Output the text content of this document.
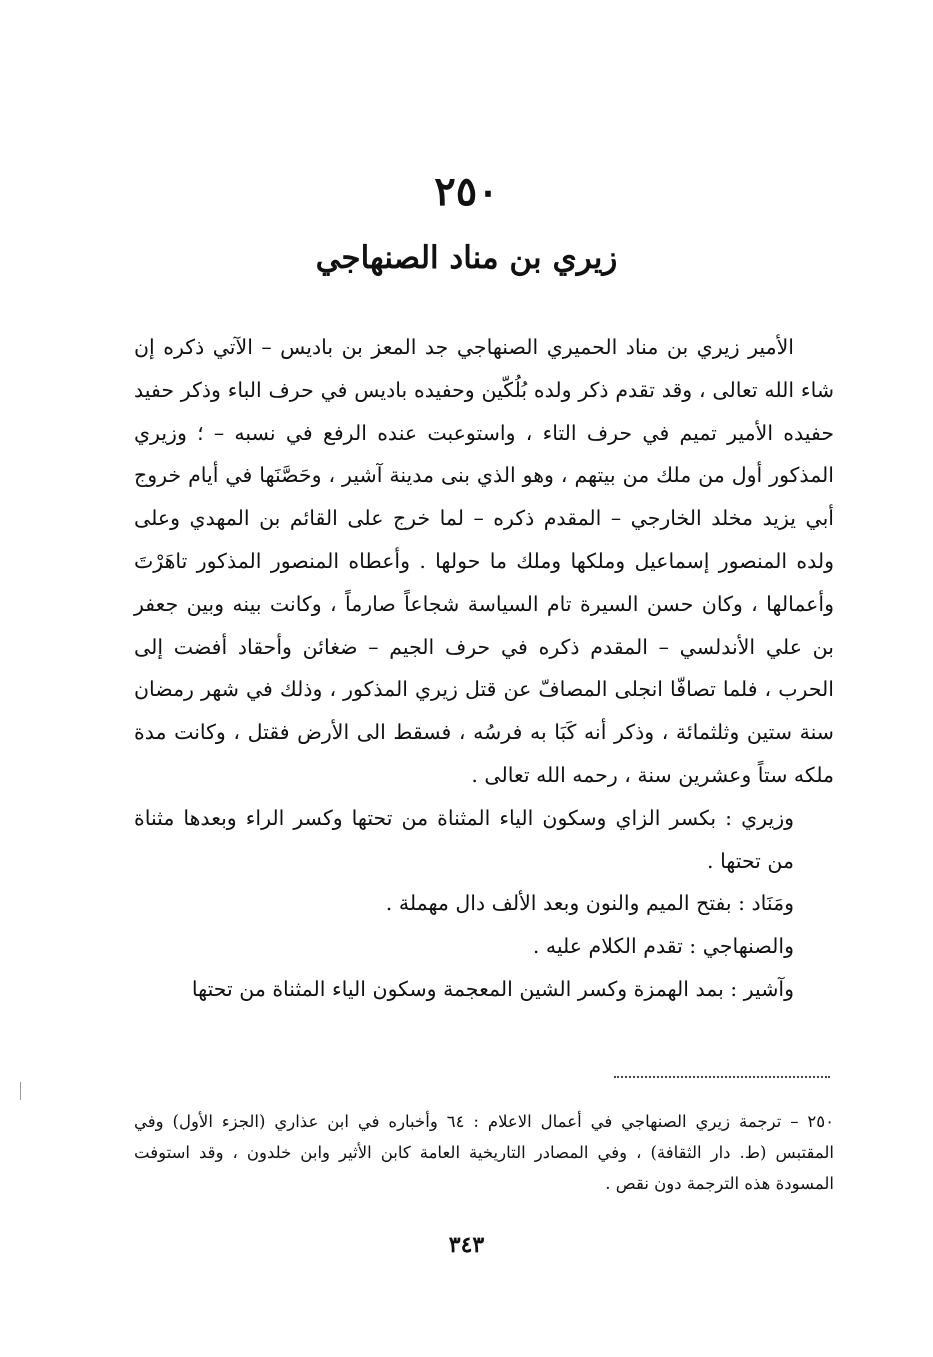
٢٥٠
زيري بن مناد الصنهاجي

الأمير زيري بن مناد الحميري الصنهاجي جد المعز بن باديس – الآتي ذكره إن شاء الله تعالى ، وقد تقدم ذكر ولده بُلُكّين وحفيده باديس في حرف الباء وذكر حفيد حفيده الأمير تميم في حرف التاء ، واستوعبت عنده الرفع في نسبه – ؛ وزيري المذكور أول من ملك من بيتهم ، وهو الذي بنى مدينة آشير ، وحَصَّنَها في أيام خروج أبي يزيد مخلد الخارجي – المقدم ذكره – لما خرج على القائم بن المهدي وعلى ولده المنصور إسماعيل وملكها وملك ما حولها . وأعطاه المنصور المذكور تاهَرْتَ وأعمالها ، وكان حسن السيرة تام السياسة شجاعاً صارماً ، وكانت بينه وبين جعفر بن علي الأندلسي – المقدم ذكره في حرف الجيم – ضغائن وأحقاد أفضت إلى الحرب ، فلما تصافّا انجلى المصافّ عن قتل زيري المذكور ، وذلك في شهر رمضان سنة ستين وثلثمائة ، وذكر أنه كَبَا به فرسُه ، فسقط الى الأرض فقتل ، وكانت مدة ملكه ستاً وعشرين سنة ، رحمه الله تعالى .

وزيري : بكسر الزاي وسكون الياء المثناة من تحتها وكسر الراء وبعدها مثناة من تحتها .

ومَنَاد : بفتح الميم والنون وبعد الألف دال مهملة .

والصنهاجي : تقدم الكلام عليه .

وآشير : بمد الهمزة وكسر الشين المعجمة وسكون الياء المثناة من تحتها

٢٥٠ – ترجمة زيري الصنهاجي في أعمال الاعلام : ٦٤ وأخباره في ابن عذاري (الجزء الأول) وفي المقتبس (ط. دار الثقافة) ، وفي المصادر التاريخية العامة كابن الأثير وابن خلدون ، وقد استوفت المسودة هذه الترجمة دون نقص .

٣٤٣
